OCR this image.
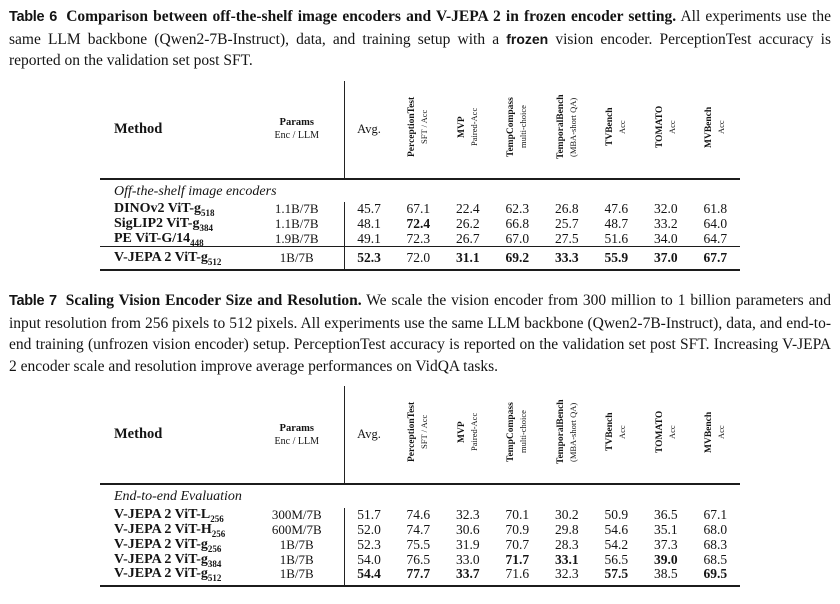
Table 6 Comparison between off-the-shelf image encoders and V-JEPA 2 in frozen encoder setting. All experiments use the same LLM backbone (Qwen2-7B-Instruct), data, and training setup with a frozen vision encoder. PerceptionTest accuracy is reported on the validation set post SFT.

Method	Params
Enc / LLM	Avg.	PerceptionTest SFT / Acc	MVP Paired-Acc	TempCompass multi-choice	TemporalBench (MBA-short QA)	TVBench Acc	TOMATO Acc	MVBench Acc

Off-the-shelf image encoders									
DINOv2 ViT-$g_{518}$	1.1B/7B	45.7	67.1	22.4	62.3	26.8	47.6	32.0	61.8
SigLIP2 ViT-$g_{384}$	1.1B/7B	48.1	72.4	26.2	66.8	25.7	48.7	33.2	64.0
PE ViT-$G/14_{448}$	1.9B/7B	49.1	72.3	26.7	67.0	27.5	51.6	34.0	64.7
V-JEPA 2 ViT-$g_{512}$	1B/7B	52.3	72.0	31.1	69.2	33.3	55.9	37.0	67.7

Table 7 Scaling Vision Encoder Size and Resolution. We scale the vision encoder from 300 million to 1 billion parameters and input resolution from 256 pixels to 512 pixels. All experiments use the same LLM backbone (Qwen2-7B-Instruct), data, and end-to-end training (unfrozen vision encoder) setup. PerceptionTest accuracy is reported on the validation set post SFT. Increasing V-JEPA 2 encoder scale and resolution improve average performances on VidQA tasks.

Method	Params
Enc / LLM	Avg.	PerceptionTest SFT / Acc	MVP Paired-Acc	TempCompass multi-choice	TemporalBench (MBA-short QA)	TVBench Acc	TOMATO Acc	MVBench Acc

End-to-end Evaluation									
V-JEPA 2 ViT-$L_{256}$	300M/7B	51.7	74.6	32.3	70.1	30.2	50.9	36.5	67.1
V-JEPA 2 ViT-$H_{256}$	600M/7B	52.0	74.7	30.6	70.9	29.8	54.6	35.1	68.0
V-JEPA 2 ViT-$g_{256}$	1B/7B	52.3	75.5	31.9	70.7	28.3	54.2	37.3	68.3
V-JEPA 2 ViT-$g_{384}$	1B/7B	54.0	76.5	33.0	71.7	33.1	56.5	39.0	68.5
V-JEPA 2 ViT-$g_{512}$	1B/7B	54.4	77.7	33.7	71.6	32.3	57.5	38.5	69.5
